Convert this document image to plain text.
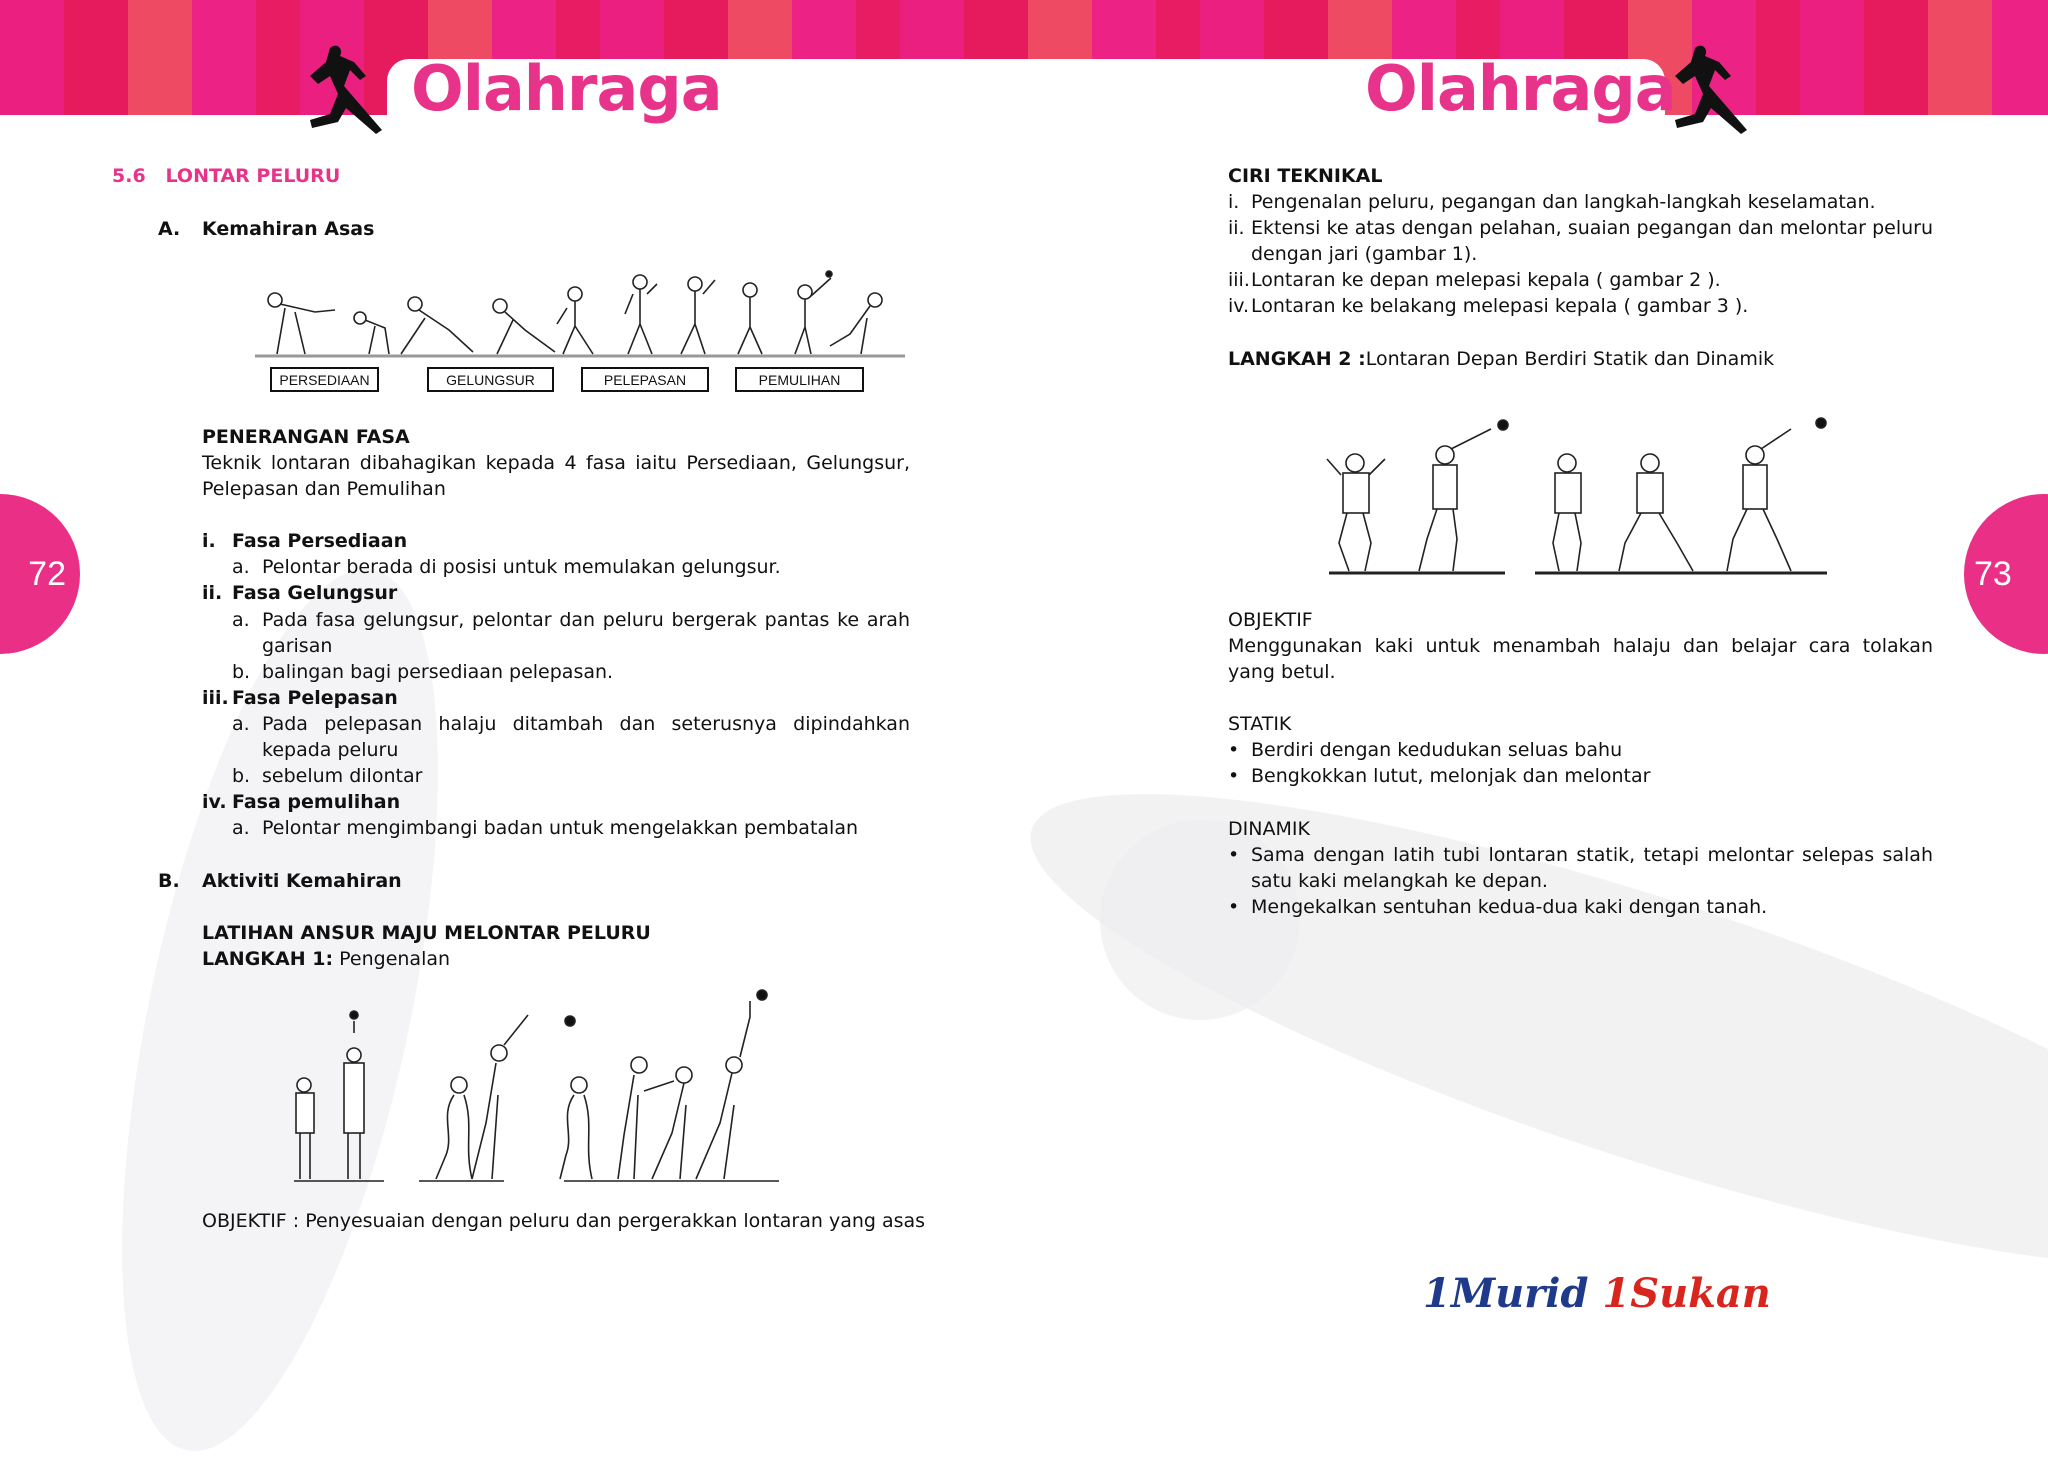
Olahraga	Olahraga
72	73
5.6   LONTAR PELURU
A. Kemahiran Asas
PERSEDIAAN	GELUNGSUR	PELEPASAN	PEMULIHAN
PENERANGAN FASA
Teknik lontaran dibahagikan kepada 4 fasa iaitu Persediaan, Gelungsur, Pelepasan dan Pemulihan
i. Fasa Persediaan
a. Pelontar berada di posisi untuk memulakan gelungsur.
ii. Fasa Gelungsur
a. Pada fasa gelungsur, pelontar dan peluru bergerak pantas ke arah garisan
b. balingan bagi persediaan pelepasan.
iii. Fasa Pelepasan
a. Pada pelepasan halaju ditambah dan seterusnya dipindahkan kepada peluru
b. sebelum dilontar
iv. Fasa pemulihan
a. Pelontar mengimbangi badan untuk mengelakkan pembatalan
B. Aktiviti Kemahiran
LATIHAN ANSUR MAJU MELONTAR PELURU
LANGKAH 1: Pengenalan
OBJEKTIF : Penyesuaian dengan peluru dan pergerakkan lontaran yang asas
CIRI TEKNIKAL
i. Pengenalan peluru, pegangan dan langkah-langkah keselamatan.
ii. Ektensi ke atas dengan pelahan, suaian pegangan dan melontar peluru dengan jari (gambar 1).
iii. Lontaran ke depan melepasi kepala ( gambar 2 ).
iv. Lontaran ke belakang melepasi kepala ( gambar 3 ).
LANGKAH 2 :Lontaran Depan Berdiri Statik dan Dinamik
OBJEKTIF
Menggunakan kaki untuk menambah halaju dan belajar cara tolakan yang betul.
STATIK
• Berdiri dengan kedudukan seluas bahu
• Bengkokkan lutut, melonjak dan melontar
DINAMIK
• Sama dengan latih tubi lontaran statik, tetapi melontar selepas salah satu kaki melangkah ke depan.
• Mengekalkan sentuhan kedua-dua kaki dengan tanah.
1Murid 1Sukan
